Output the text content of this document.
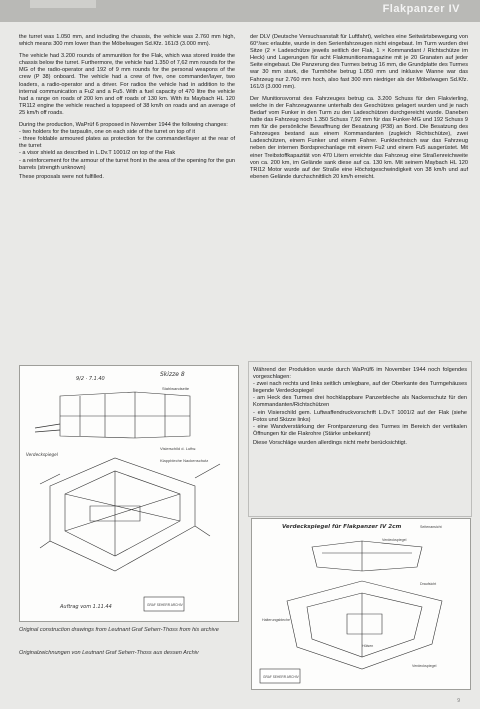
Flakpanzer IV

the turret was 1.050 mm, and including the chassis, the vehicle was 2.760 mm high, which means 300 mm lower than the Möbelwagen Sd.Kfz. 161/3 (3.000 mm).

The vehicle had 3.200 rounds of ammunition for the Flak, which was stored inside the chassis below the turret. Furthermore, the vehicle had 1.350 of 7,62 mm rounds for the MG of the radio-operator and 192 of 9 mm rounds for the personal weapons of the crew (P 38) onboard. The vehicle had a crew of five, one commander/layer, two loaders, a radio-operator and a driver. For radios the vehicle had in addition to the internal communication a Fu2 and a Fu5. With a fuel capacity of 470 litre the vehicle had a range on roads of 200 km and off roads of 130 km. With its Maybach HL 120 TR112 engine the vehicle reached a topspeed of 38 km/h on roads and an average of 25 km/h off roads.

During the production, WaPrüf 6 proposed in November 1944 the following changes:

- two holders for the tarpaulin, one on each side of the turret on top of it
- three foldable armoured plates as protection for the commander/layer at the rear of the turret
- a visor shield as described in L.Dv.T 1001/2 on top of the Flak
- a reinforcement for the armour of the turret front in the area of the opening for the gun barrels (strength unknown)

These proposals were not fulfilled.

der DLV (Deutsche Versuchsanstalt für Luftfahrt), welches eine Seitwärtsbewegung von 60°/sec erlaubte, wurde in den Serienfahrzeugen nicht eingebaut. Im Turm wurden drei Sitze (2 × Ladeschütze jeweils seitlich der Flak, 1 × Kommandant / Richtschütze im Heck) und Lagerungen für acht Flakmunitionsmagazine mit je 20 Granaten auf jeder Seite eingebaut. Die Panzerung des Turmes betrug 16 mm, die Grundplatte des Turmes war 30 mm stark, die Turmhöhe betrug 1.050 mm und inklusive Wanne war das Fahrzeug nur 2.760 mm hoch, also fast 300 mm niedriger als der Möbelwagen Sd.Kfz. 161/3 (3.000 mm).

Der Munitionsvorrat des Fahrzeuges betrug ca. 3.200 Schuss für den Flakvierling, welche in der Fahrzeugwanne unterhalb des Geschützes gelagert wurden und je nach Bedarf vom Funker in den Turm zu den Ladeschützen durchgereicht wurde. Daneben hatte das Fahrzeug noch 1.350 Schuss 7,92 mm für das Funker-MG und 192 Schuss 9 mm für die persönliche Bewaffnung der Besatzung (P38) an Bord. Die Besatzung des Fahrzeuges bestand aus einem Kommandanten (zugleich Richtschütze), zwei Ladeschützen, einem Funker und einem Fahrer. Funktechnisch war das Fahrzeug neben der internen Bordsprechanlage mit einem Fu2 und einem Fu5 ausgerüstet. Mit einer Treibstoffkapazität von 470 Litern erreichte das Fahrzeug eine Straßenreichweite von ca. 200 km, im Gelände sank diese auf ca. 130 km. Mit seinem Maybach HL 120 TRI12 Motor wurde auf der Straße eine Höchstgeschwindigkeit von 38 km/h und auf ebenen Gelände durchschnittlich 20 km/h erreicht.

Während der Produktion wurde durch WaPrüf6 im November 1944 noch folgendes vorgeschlagen:

- zwei nach rechts und links seitlich umlegbare, auf der Oberkante des Turmgehäuses liegende Verdeckspiegel
- am Heck des Turmes drei hochklappbare Panzerbleche als Nackenschutz für den Kommandanten/Richtschützen
- ein Visierschild gem. Luftwaffendruckvorschrift L.Dv.T 1001/2 auf der Flak (siehe Fotos und Skizze links)
- eine Wandverstärkung der Frontpanzerung des Turmes im Bereich der vertikalen Öffnungen für die Flakrohre (Stärke unbekannt)

Diese Vorschläge wurden allerdings nicht mehr berücksichtigt.

Skizze 8
9/2 · 7.1.40
Stahlwandseite
Visierschild d. Luftw.
Klappbleche Nackenschutz
Verdeckspiegel
Auftrag vom 1.11.44	GRAF SEHERR ARCHIV
Verdeckspiegel für Flakpanzer IV 2cm	Seitenansicht
Verdeckspiegel
Draufsicht
Halterungsbleche
Hülsen
Verdeckspiegel
GRAF SEHERR ARCHIV
Original construction drawings from Leutnant Graf Seherr-Thoss from his archive
Originalzeichnungen von Leutnant Graf Seherr-Thoss aus dessen Archiv
9
